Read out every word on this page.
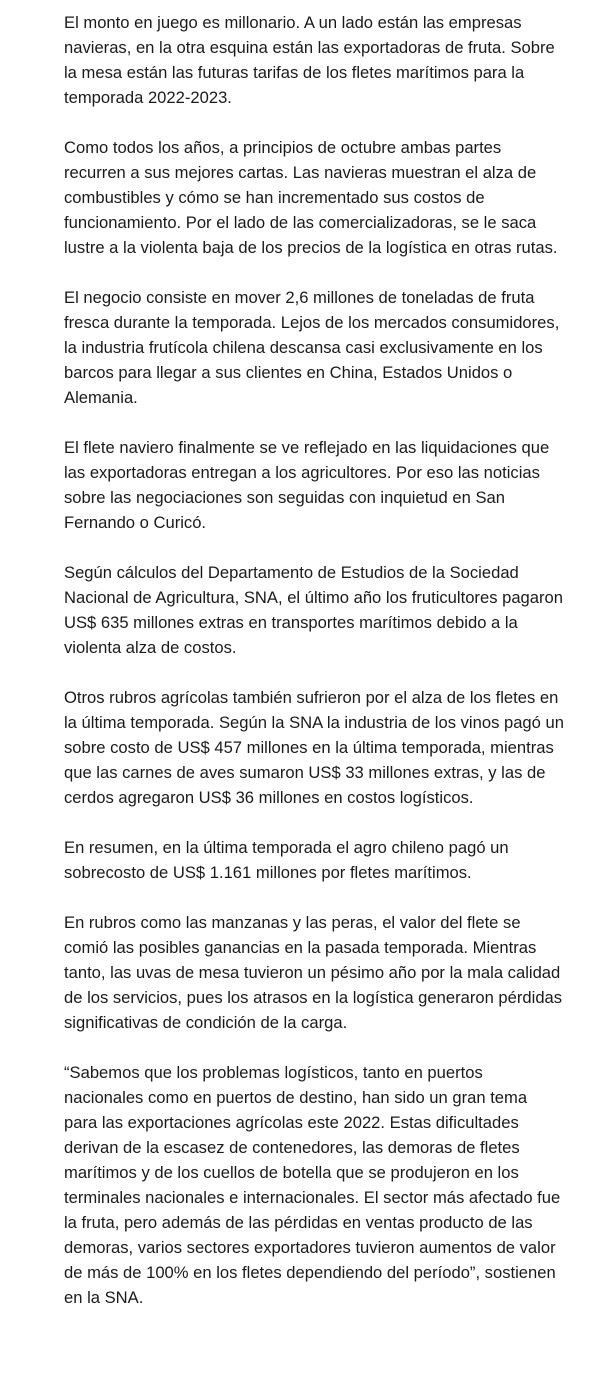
El monto en juego es millonario. A un lado están las empresas navieras, en la otra esquina están las exportadoras de fruta. Sobre la mesa están las futuras tarifas de los fletes marítimos para la temporada 2022-2023.

Como todos los años, a principios de octubre ambas partes recurren a sus mejores cartas. Las navieras muestran el alza de combustibles y cómo se han incrementado sus costos de funcionamiento. Por el lado de las comercializadoras, se le saca lustre a la violenta baja de los precios de la logística en otras rutas.

El negocio consiste en mover 2,6 millones de toneladas de fruta fresca durante la temporada. Lejos de los mercados consumidores, la industria frutícola chilena descansa casi exclusivamente en los barcos para llegar a sus clientes en China, Estados Unidos o Alemania.

El flete naviero finalmente se ve reflejado en las liquidaciones que las exportadoras entregan a los agricultores. Por eso las noticias sobre las negociaciones son seguidas con inquietud en San Fernando o Curicó.

Según cálculos del Departamento de Estudios de la Sociedad Nacional de Agricultura, SNA, el último año los fruticultores pagaron US$ 635 millones extras en transportes marítimos debido a la violenta alza de costos.

Otros rubros agrícolas también sufrieron por el alza de los fletes en la última temporada. Según la SNA la industria de los vinos pagó un sobre costo de US$ 457 millones en la última temporada, mientras que las carnes de aves sumaron US$ 33 millones extras, y las de cerdos agregaron US$ 36 millones en costos logísticos.

En resumen, en la última temporada el agro chileno pagó un sobrecosto de US$ 1.161 millones por fletes marítimos.

En rubros como las manzanas y las peras, el valor del flete se comió las posibles ganancias en la pasada temporada. Mientras tanto, las uvas de mesa tuvieron un pésimo año por la mala calidad de los servicios, pues los atrasos en la logística generaron pérdidas significativas de condición de la carga.

“Sabemos que los problemas logísticos, tanto en puertos nacionales como en puertos de destino, han sido un gran tema para las exportaciones agrícolas este 2022. Estas dificultades derivan de la escasez de contenedores, las demoras de fletes marítimos y de los cuellos de botella que se produjeron en los terminales nacionales e internacionales. El sector más afectado fue la fruta, pero además de las pérdidas en ventas producto de las demoras, varios sectores exportadores tuvieron aumentos de valor de más de 100% en los fletes dependiendo del período”, sostienen en la SNA.
